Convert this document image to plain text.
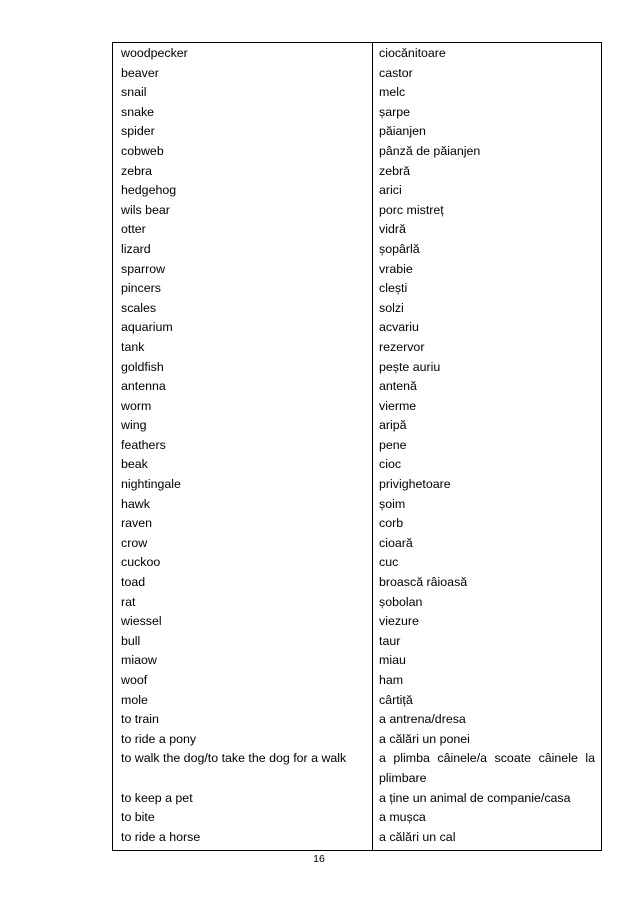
woodpecker
beaver
snail
snake
spider
cobweb
zebra
hedgehog
wils bear
otter
lizard
sparrow
pincers
scales
aquarium
tank
goldfish
antenna
worm
wing
feathers
beak
nightingale
hawk
raven
crow
cuckoo
toad
rat
wiessel
bull
miaow
woof
mole
to train
to ride a pony
to walk the dog/to take the dog for a walk
to keep a pet
to bite
to ride a horse
ciocănitoare
castor
melc
șarpe
păianjen
pânză de păianjen
zebră
arici
porc mistreț
vidră
șopârlă
vrabie
clești
solzi
acvariu
rezervor
pește auriu
antenă
vierme
aripă
pene
cioc
privighetoare
șoim
corb
cioară
cuc
broască râioasă
șobolan
viezure
taur
miau
ham
cârtiță
a antrena/dresa
a călări un ponei
a plimba câinele/a scoate câinele la plimbare
a ține un animal de companie/casa
a mușca
a călări un cal
16
